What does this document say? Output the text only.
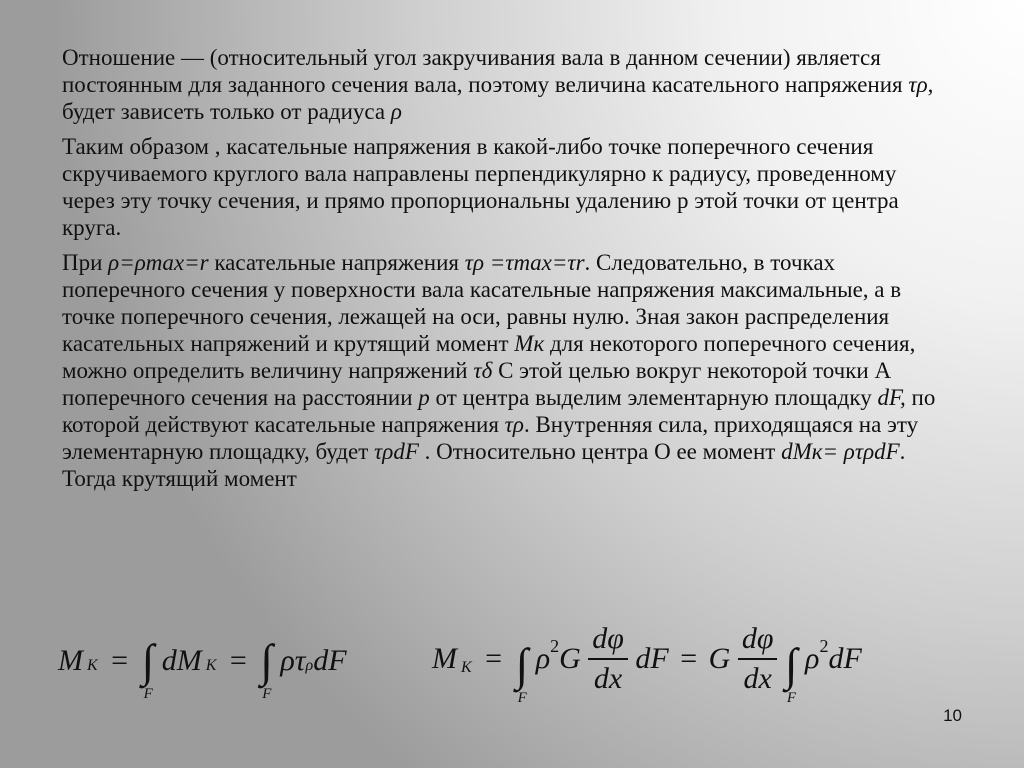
Отношение — (относительный угол закручивания вала в данном сечении) является постоянным для заданного сечения вала, поэтому величина касательного напряжения τρ, будет зависеть только от радиуса ρ

Таким образом , касательные напряжения в какой-либо точке поперечного сечения скручиваемого круглого вала направлены перпендикулярно к радиусу, проведенному через эту точку сечения, и прямо пропорциональны удалению р этой точки от центра круга.

При ρ=ρmax=r касательные напряжения τρ =τmax=τr. Следовательно, в точках поперечного сечения у поверхности вала касательные напряжения максимальные, а в точке поперечного сечения, лежащей на оси, равны нулю. Зная закон распределения касательных напряжений и крутящий момент Мк для некоторого поперечного сечения, можно определить величину напряжений τδ С этой целью вокруг некоторой точки А поперечного сечения на расстоянии р от центра выделим элементарную площадку dF, по которой действуют касательные напряжения τρ. Внутренняя сила, приходящаяся на эту элементарную площадку, будет τρdF . Относительно центра О ее момент dMк= ρτρdF. Тогда крутящий момент

M K = ∫
F
dM K = ∫
F
ρτρdF	M $_K$ = ∫
F
$\rho^2G \frac{d\varphi}{dx}$ dF = G $\frac{d\varphi}{dx}$ ∫
F
$\rho^2dF$
10
